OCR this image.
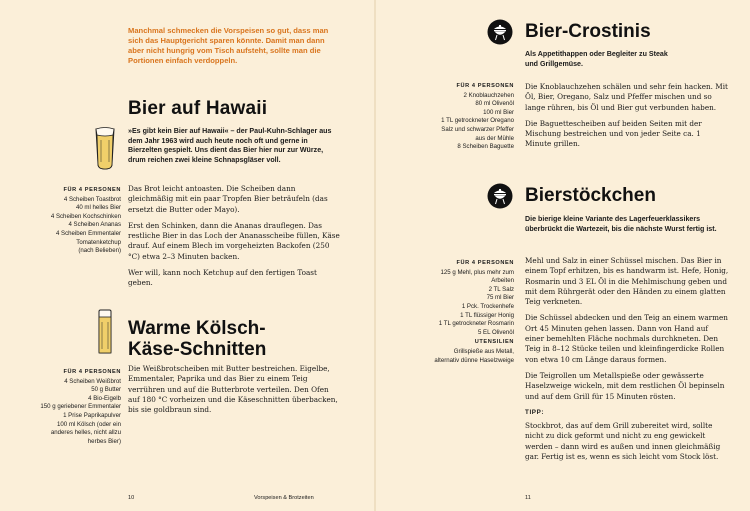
Manchmal schmecken die Vorspeisen so gut, dass man sich das Hauptgericht sparen könnte. Damit man dann aber nicht hungrig vom Tisch aufsteht, sollte man die Portionen einfach verdoppeln.
Bier auf Hawaii
»Es gibt kein Bier auf Hawaii« – der Paul-Kuhn-Schlager aus dem Jahr 1963 wird auch heute noch oft und gerne in Bierzelten gespielt. Uns dient das Bier hier nur zur Würze, drum reichen zwei kleine Schnapsgläser voll.
FÜR 4 PERSONEN
4 Scheiben Toastbrot
40 ml helles Bier
4 Scheiben Kochschinken
4 Scheiben Ananas
4 Scheiben Emmentaler
Tomatenketchup
(nach Belieben)

Das Brot leicht antoasten. Die Scheiben dann gleichmäßig mit ein paar Tropfen Bier beträufeln (das ersetzt die Butter oder Mayo).

Erst den Schinken, dann die Ananas drauflegen. Das restliche Bier in das Loch der Ananasscheibe füllen, Käse drauf. Auf einem Blech im vorgeheizten Backofen (250 °C) etwa 2–3 Minuten backen.

Wer will, kann noch Ketchup auf den fertigen Toast geben.

Warme Kölsch-
Käse-Schnitten
FÜR 4 PERSONEN
4 Scheiben Weißbrot
50 g Butter
4 Bio-Eigelb
150 g geriebener Emmentaler
1 Prise Paprikapulver
100 ml Kölsch (oder ein
anderes helles, nicht allzu
herbes Bier)

Die Weißbrotscheiben mit Butter bestreichen. Eigelbe, Emmentaler, Paprika und das Bier zu einem Teig verrühren und auf die Butterbrote verteilen. Den Ofen auf 180 °C vorheizen und die Käseschnitten überbacken, bis sie goldbraun sind.

10	Vorspeisen & Brotzeiten
Bier-Crostinis
Als Appetithappen oder Begleiter zu Steak und Grillgemüse.
FÜR 4 PERSONEN
2 Knoblauchzehen
80 ml Olivenöl
100 ml Bier
1 TL getrockneter Oregano
Salz und schwarzer Pfeffer
aus der Mühle
8 Scheiben Baguette

Die Knoblauchzehen schälen und sehr fein hacken. Mit Öl, Bier, Oregano, Salz und Pfeffer mischen und so lange rühren, bis Öl und Bier gut verbunden haben.

Die Baguettescheiben auf beiden Seiten mit der Mischung bestreichen und von jeder Seite ca. 1 Minute grillen.

Bierstöckchen
Die bierige kleine Variante des Lagerfeuerklassikers überbrückt die Wartezeit, bis die nächste Wurst fertig ist.
FÜR 4 PERSONEN
125 g Mehl, plus mehr zum
Arbeiten
2 TL Salz
75 ml Bier
1 Pck. Trockenhefe
1 TL flüssiger Honig
1 TL getrockneter Rosmarin
5 EL Olivenöl
UTENSILIEN
Grillspieße aus Metall,
alternativ dünne Haselzweige

Mehl und Salz in einer Schüssel mischen. Das Bier in einem Topf erhitzen, bis es handwarm ist. Hefe, Honig, Rosmarin und 3 EL Öl in die Mehlmischung geben und mit dem Rührgerät oder den Händen zu einem glatten Teig verkneten.

Die Schüssel abdecken und den Teig an einem warmen Ort 45 Minuten gehen lassen. Dann von Hand auf einer bemehlten Fläche nochmals durchkneten. Den Teig in 8–12 Stücke teilen und kleinfingerdicke Rollen von etwa 10 cm Länge daraus formen.

Die Teigrollen um Metallspieße oder gewässerte Haselzweige wickeln, mit dem restlichen Öl bepinseln und auf dem Grill für 15 Minuten rösten.

TIPP:

Stockbrot, das auf dem Grill zubereitet wird, sollte nicht zu dick geformt und nicht zu eng gewickelt werden – dann wird es außen und innen gleichmäßig gar. Fertig ist es, wenn es sich leicht vom Stock löst.

11
